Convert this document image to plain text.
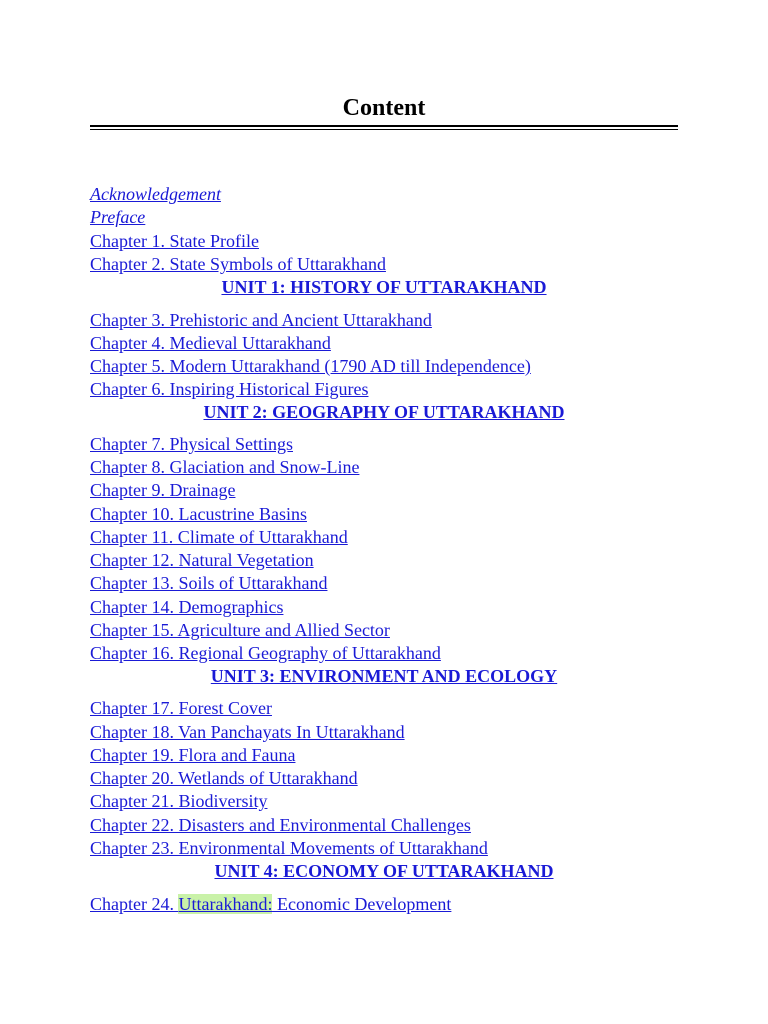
Content
Acknowledgement
Preface
Chapter 1. State Profile
Chapter 2. State Symbols of Uttarakhand
UNIT 1: HISTORY OF UTTARAKHAND
Chapter 3. Prehistoric and Ancient Uttarakhand
Chapter 4. Medieval Uttarakhand
Chapter 5. Modern Uttarakhand (1790 AD till Independence)
Chapter 6. Inspiring Historical Figures
UNIT 2: GEOGRAPHY OF UTTARAKHAND
Chapter 7. Physical Settings
Chapter 8. Glaciation and Snow-Line
Chapter 9. Drainage
Chapter 10. Lacustrine Basins
Chapter 11. Climate of Uttarakhand
Chapter 12. Natural Vegetation
Chapter 13. Soils of Uttarakhand
Chapter 14. Demographics
Chapter 15. Agriculture and Allied Sector
Chapter 16. Regional Geography of Uttarakhand
UNIT 3: ENVIRONMENT AND ECOLOGY
Chapter 17. Forest Cover
Chapter 18. Van Panchayats In Uttarakhand
Chapter 19. Flora and Fauna
Chapter 20. Wetlands of Uttarakhand
Chapter 21. Biodiversity
Chapter 22. Disasters and Environmental Challenges
Chapter 23. Environmental Movements of Uttarakhand
UNIT 4: ECONOMY OF UTTARAKHAND
Chapter 24. Uttarakhand: Economic Development
